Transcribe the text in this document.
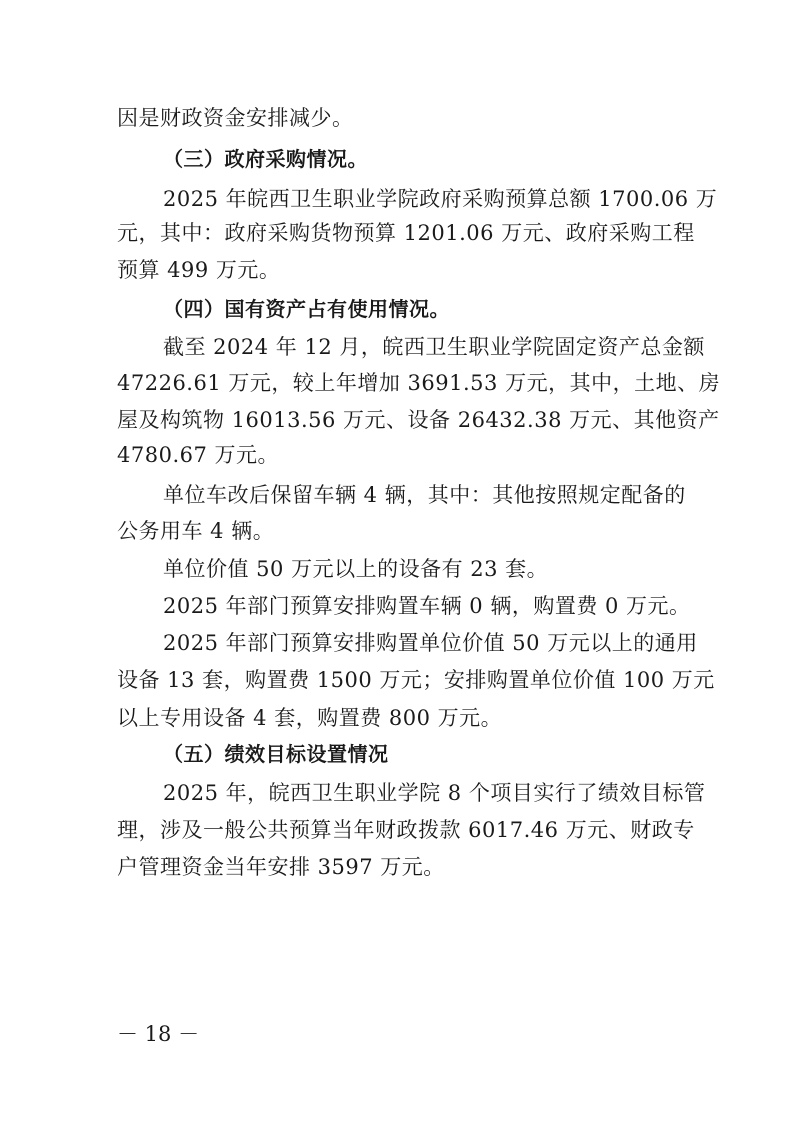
因是财政资金安排减少。
（三）政府采购情况。
2025 年皖西卫生职业学院政府采购预算总额 1700.06 万
元，其中：政府采购货物预算 1201.06 万元、政府采购工程
预算 499 万元。
（四）国有资产占有使用情况。
截至 2024 年 12 月，皖西卫生职业学院固定资产总金额
47226.61 万元，较上年增加 3691.53 万元，其中，土地、房
屋及构筑物 16013.56 万元、设备 26432.38 万元、其他资产
4780.67 万元。
单位车改后保留车辆 4 辆，其中：其他按照规定配备的
公务用车 4 辆。
单位价值 50 万元以上的设备有 23 套。
2025 年部门预算安排购置车辆 0 辆，购置费 0 万元。
2025 年部门预算安排购置单位价值 50 万元以上的通用
设备 13 套，购置费 1500 万元；安排购置单位价值 100 万元
以上专用设备 4 套，购置费 800 万元。
（五）绩效目标设置情况
2025 年，皖西卫生职业学院 8 个项目实行了绩效目标管
理，涉及一般公共预算当年财政拨款 6017.46 万元、财政专
户管理资金当年安排 3597 万元。
－ 18 －
